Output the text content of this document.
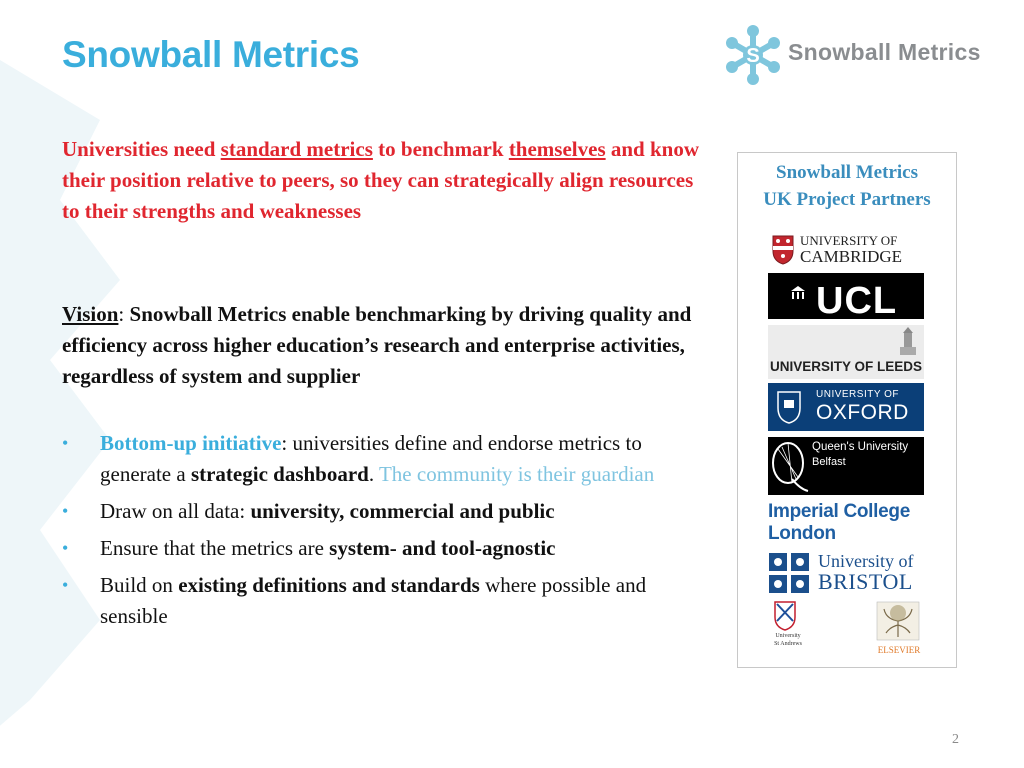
Snowball Metrics	S Snowball Metrics
Universities need standard metrics to benchmark themselves and know their position relative to peers, so they can strategically align resources to their strengths and weaknesses
Vision: Snowball Metrics enable benchmarking by driving quality and efficiency across higher education’s research and enterprise activities, regardless of system and supplier
• Bottom-up initiative: universities define and endorse metrics to generate a strategic dashboard. The community is their guardian
• Draw on all data: university, commercial and public
• Ensure that the metrics are system- and tool-agnostic
• Build on existing definitions and standards where possible and sensible
Snowball Metrics
UK Project Partners
UNIVERSITY OF
CAMBRIDGE
UCL
UNIVERSITY OF LEEDS
UNIVERSITY OF
OXFORD
Queen's University
Belfast
Imperial College
London
University of
BRISTOL
University
St Andrews
ELSEVIER
2
